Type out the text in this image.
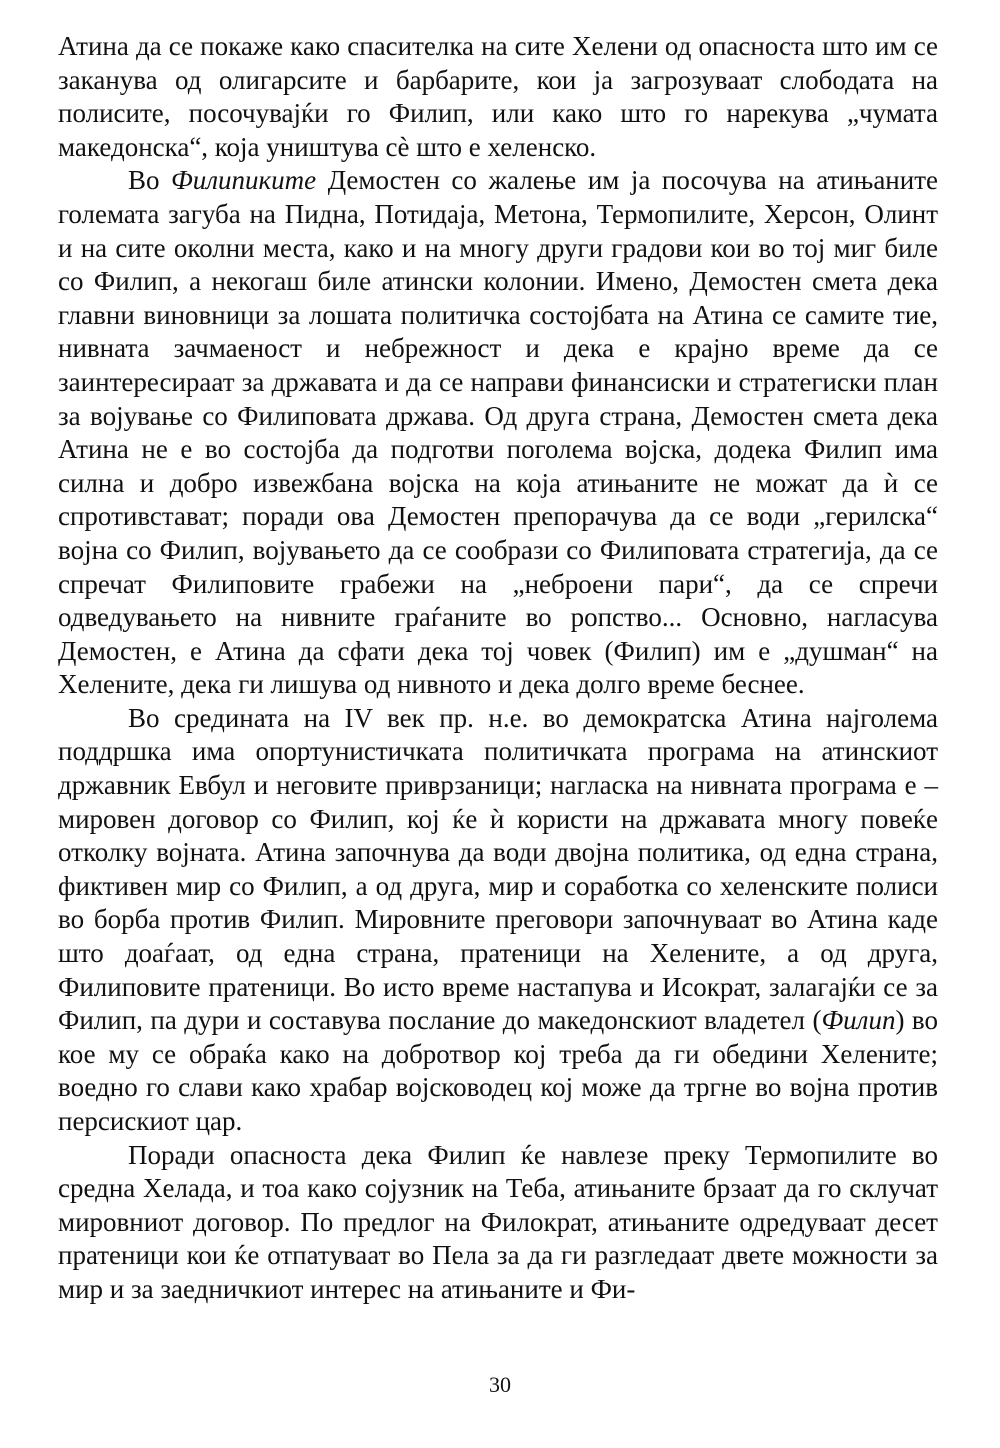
Атина да се покаже како спасителка на сите Хелени од опасноста што им се заканува од олигарсите и барбарите, кои ја загрозуваат слободата на полисите, посочувајќи го Филип, или како што го нарекува „чумата македонска“, која уништува сè што е хеленско.

Во Филипиките Демостен со жалење им ја посочува на атињаните големата загуба на Пидна, Потидаја, Метона, Термопилите, Херсон, Олинт и на сите околни места, како и на многу други градови кои во тој миг биле со Филип, а некогаш биле атински колонии. Имено, Демостен смета дека главни виновници за лошата политичка состојбата на Атина се самите тие, нивната зачмаеност и небрежност и дека е крајно време да се заинтересираат за државата и да се направи финансиски и стратегиски план за војување со Филиповата држава. Од друга страна, Демостен смета дека Атина не е во состојба да подготви поголема војска, додека Филип има силна и добро извежбана војска на која атињаните не можат да ѝ се спротивстават; поради ова Демостен препорачува да се води „герилска“ војна со Филип, војувањето да се сообрази со Филиповата стратегија, да се спречат Филиповите грабежи на „неброени пари“, да се спречи одведувањето на нивните граѓаните во ропство... Основно, нагласува Демостен, е Атина да сфати дека тој човек (Филип) им е „душман“ на Хелените, дека ги лишува од нивното и дека долго време беснее.

Во средината на IV век пр. н.е. во демократска Атина најголема поддршка има опортунистичката политичката програма на атинскиот државник Евбул и неговите приврзаници; нагласка на нивната програма е – мировен договор со Филип, кој ќе ѝ користи на државата многу повеќе отколку војната. Атина започнува да води двојна политика, од една страна, фиктивен мир со Филип, а од друга, мир и соработка со хеленските полиси во борба против Филип. Мировните преговори започнуваат во Атина каде што доаѓаат, од една страна, пратеници на Хелените, а од друга, Филиповите пратеници. Во исто време настапува и Исократ, залагајќи се за Филип, па дури и составува послание до македонскиот владетел (Филип) во кое му се обраќа како на добротвор кој треба да ги обедини Хелените; воедно го слави како храбар војсководец кој може да тргне во војна против персискиот цар.

Поради опасноста дека Филип ќе навлезе преку Термопилите во средна Хелада, и тоа како сојузник на Теба, атињаните брзаат да го склучат мировниот договор. По предлог на Филократ, атињаните одредуваат десет пратеници кои ќе отпатуваат во Пела за да ги разгледаат двете можности за мир и за заедничкиот интерес на атињаните и Фи-

30
